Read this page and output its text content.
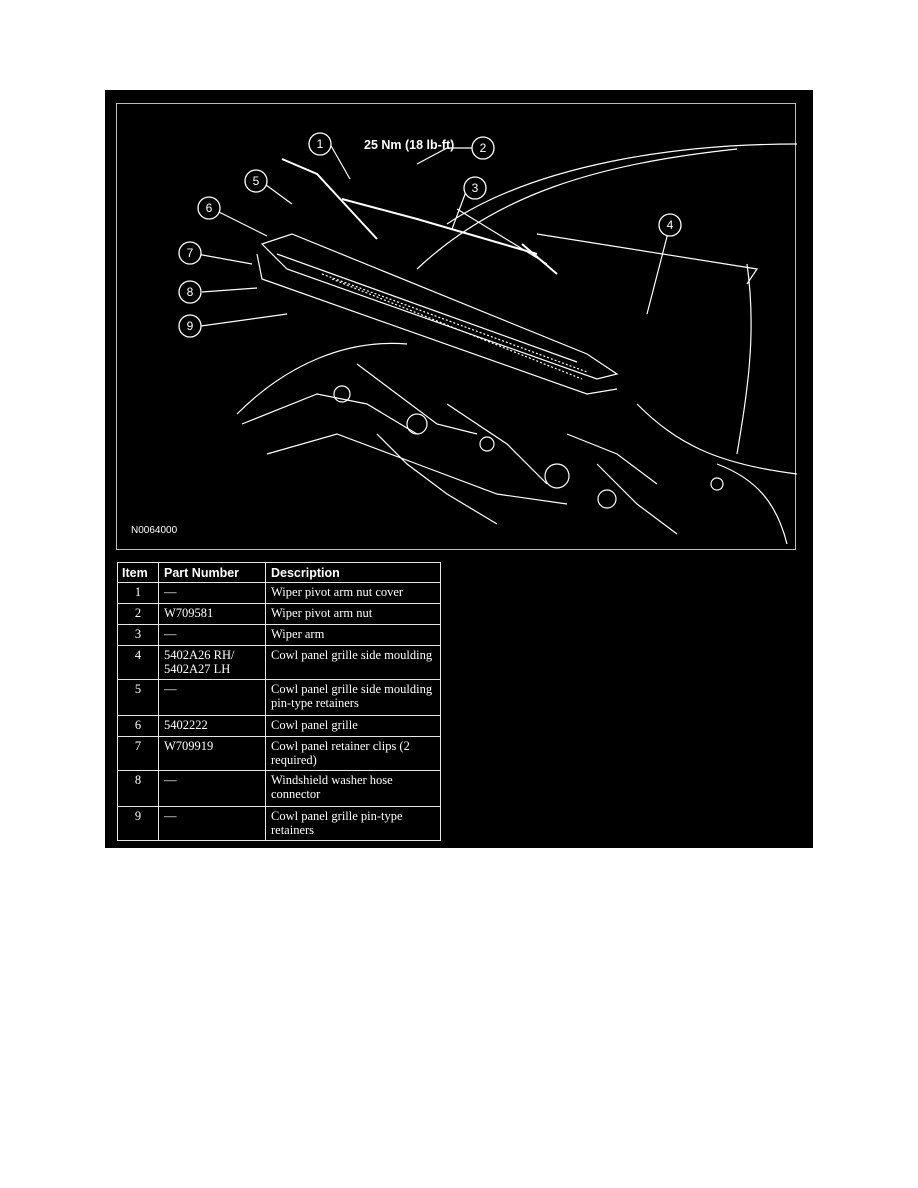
1	2
3
4
5
6
7
8
9
25 Nm (18 lb-ft)
N0064000
Item	Part Number	Description
1	—	Wiper pivot arm nut cover
2	W709581	Wiper pivot arm nut
3	—	Wiper arm
4	5402A26 RH/ 5402A27 LH	Cowl panel grille side moulding
5	—	Cowl panel grille side moulding pin-type retainers
6	5402222	Cowl panel grille
7	W709919	Cowl panel retainer clips (2 required)
8	—	Windshield washer hose connector
9	—	Cowl panel grille pin-type retainers
